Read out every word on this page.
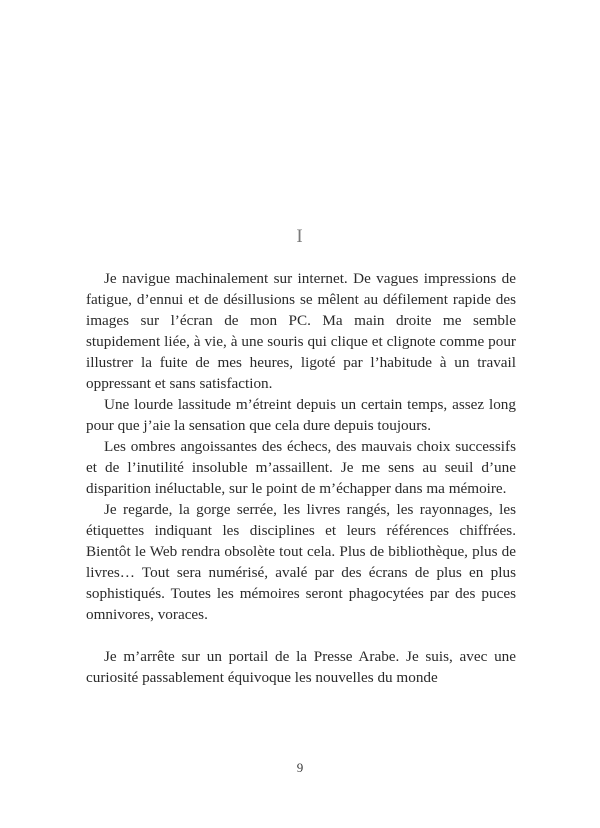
I

Je navigue machinalement sur internet. De vagues impressions de fatigue, d’ennui et de désillusions se mêlent au défilement rapide des images sur l’écran de mon PC. Ma main droite me semble stupidement liée, à vie, à une souris qui clique et clignote comme pour illustrer la fuite de mes heures, ligoté par l’habitude à un travail oppressant et sans satisfaction.

Une lourde lassitude m’étreint depuis un certain temps, assez long pour que j’aie la sensation que cela dure depuis toujours.

Les ombres angoissantes des échecs, des mauvais choix successifs et de l’inutilité insoluble m’assaillent. Je me sens au seuil d’une disparition inéluctable, sur le point de m’échapper dans ma mémoire.

Je regarde, la gorge serrée, les livres rangés, les rayonnages, les étiquettes indiquant les disciplines et leurs références chiffrées. Bientôt le Web rendra obsolète tout cela. Plus de bibliothèque, plus de livres… Tout sera numérisé, avalé par des écrans de plus en plus sophistiqués. Toutes les mémoires seront phagocytées par des puces omnivores, voraces.

Je m’arrête sur un portail de la Presse Arabe. Je suis, avec une curiosité passablement équivoque les nouvelles du monde

9
